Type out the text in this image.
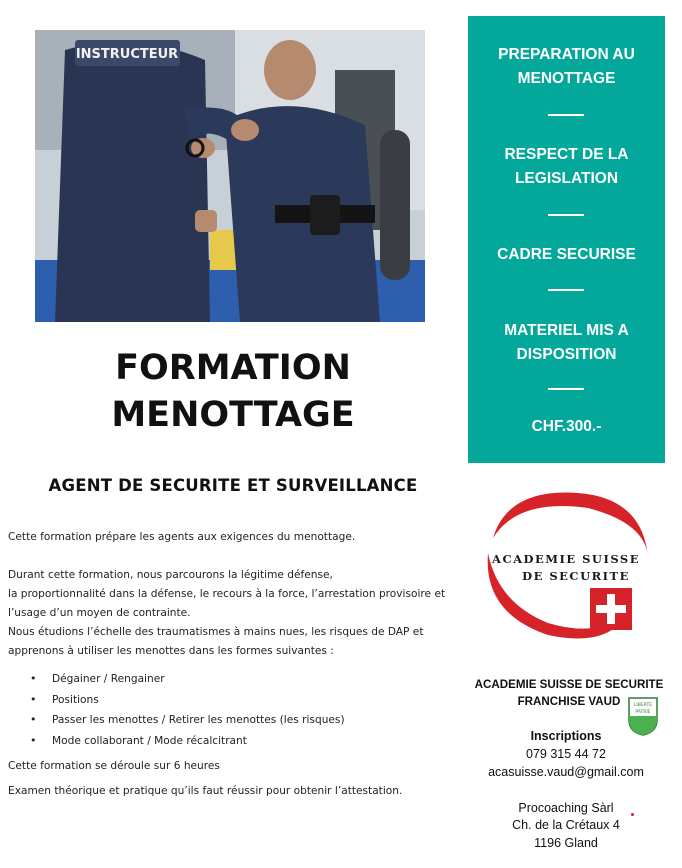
INSTRUCTEUR
FORMATION
MENOTTAGE
AGENT DE SECURITE ET SURVEILLANCE

Cette formation prépare les agents aux exigences du menottage.

Durant cette formation, nous parcourons la légitime défense,

la proportionnalité dans la défense, le recours à la force, l’arrestation provisoire et

l’usage d’un moyen de contrainte.

Nous étudions l’échelle des traumatismes à mains nues, les risques de DAP et

apprenons à utiliser les menottes dans les formes suivantes :

• Dégainer / Rengainer
• Positions
• Passer les menottes / Retirer les menottes (les risques)
• Mode collaborant / Mode récalcitrant

Cette formation se déroule sur 6 heures

Examen théorique et pratique qu’ils faut réussir pour obtenir l’attestation.

PREPARATION AU
MENOTTAGE
RESPECT DE LA
LEGISLATION
CADRE SECURISE
MATERIEL MIS A
DISPOSITION
CHF.300.-
ACADEMIE SUISSE
DE SECURITE
ACADEMIE SUISSE DE SECURITE
FRANCHISE VAUD	LIBERTE
PATRIE
Inscriptions
079 315 44 72
acasuisse.vaud@gmail.com
Procoaching Sàrl
Ch. de la Crétaux 4
1196 Gland
